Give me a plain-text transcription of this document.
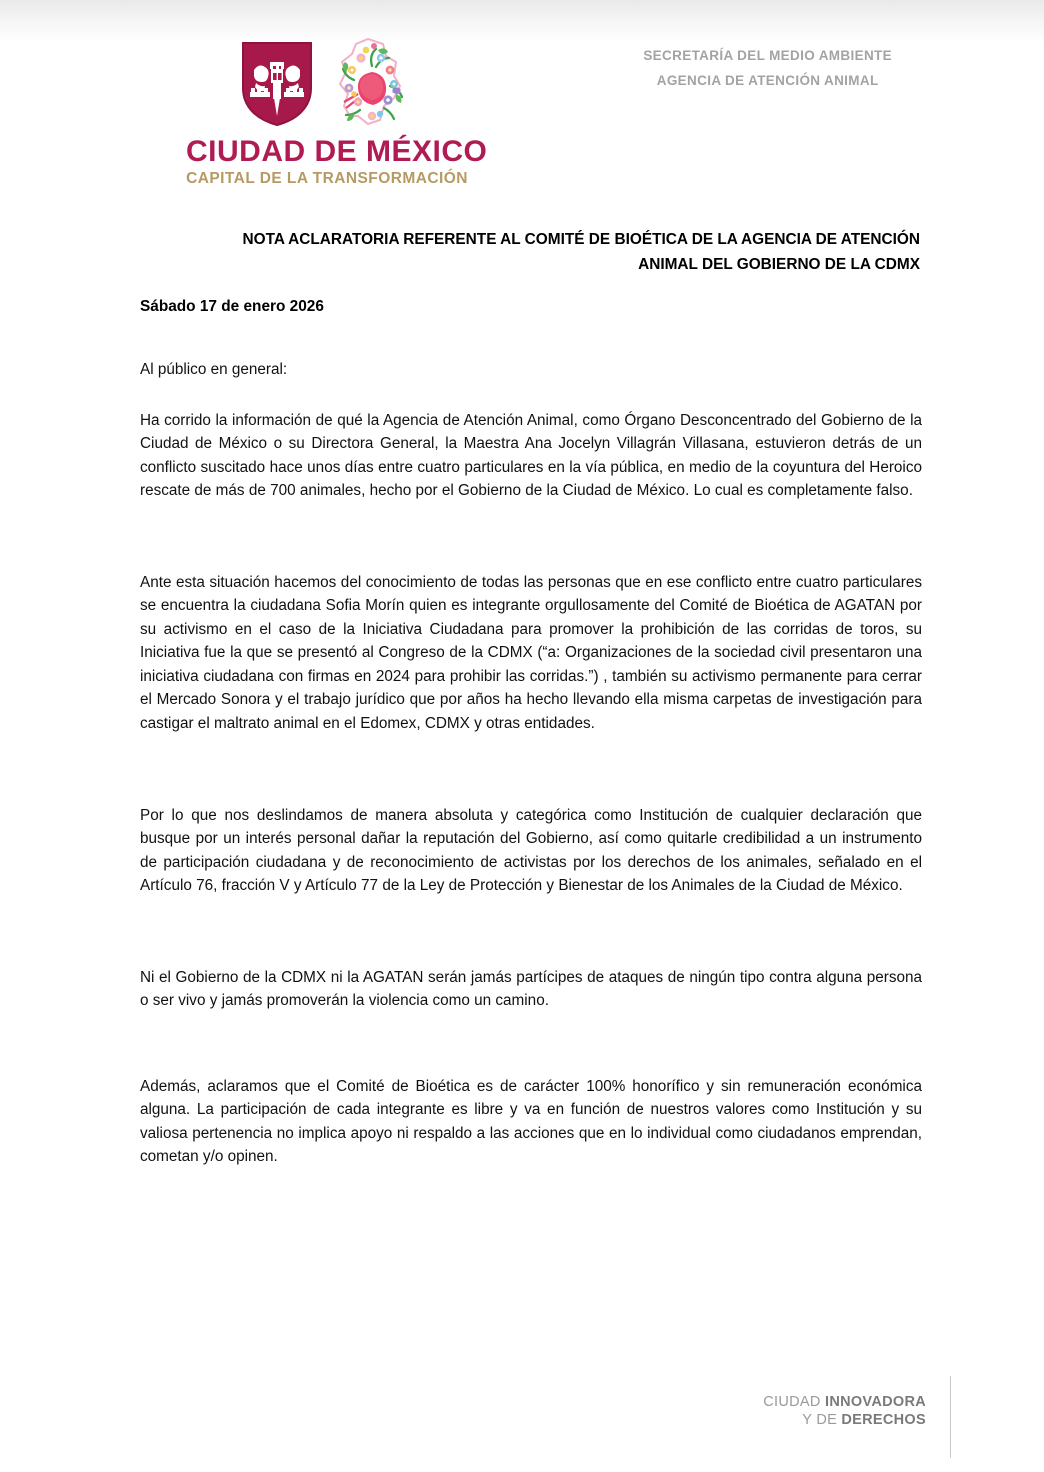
CIUDAD DE MÉXICO
CAPITAL DE LA TRANSFORMACIÓN
SECRETARÍA DEL MEDIO AMBIENTE
AGENCIA DE ATENCIÓN ANIMAL
NOTA ACLARATORIA REFERENTE AL COMITÉ DE BIOÉTICA DE LA AGENCIA DE ATENCIÓN
ANIMAL DEL GOBIERNO DE LA CDMX
Sábado 17 de enero 2026

Al público en general:

Ha corrido la información de qué la Agencia de Atención Animal, como Órgano Desconcentrado del Gobierno de la Ciudad de México o su Directora General, la Maestra Ana Jocelyn Villagrán Villasana, estuvieron detrás de un conflicto suscitado hace unos días entre cuatro particulares en la vía pública, en medio de la coyuntura del Heroico rescate de más de 700 animales, hecho por el Gobierno de la Ciudad de México. Lo cual es completamente falso.

Ante esta situación hacemos del conocimiento de todas las personas que en ese conflicto entre cuatro particulares se encuentra la ciudadana Sofia Morín quien es integrante orgullosamente del Comité de Bioética de AGATAN por su activismo en el caso de la Iniciativa Ciudadana para promover la prohibición de las corridas de toros, su Iniciativa fue la que se presentó al Congreso de la CDMX (“a: Organizaciones de la sociedad civil presentaron una iniciativa ciudadana con firmas en 2024 para prohibir las corridas.”) , también su activismo permanente para cerrar el Mercado Sonora y el trabajo jurídico que por años ha hecho llevando ella misma carpetas de investigación para castigar el maltrato animal en el Edomex, CDMX y otras entidades.

Por lo que nos deslindamos de manera absoluta y categórica como Institución de cualquier declaración que busque por un interés personal dañar la reputación del Gobierno, así como quitarle credibilidad a un instrumento de participación ciudadana y de reconocimiento de activistas por los derechos de los animales, señalado en el Artículo 76, fracción V y Artículo 77 de la Ley de Protección y Bienestar de los Animales de la Ciudad de México.

Ni el Gobierno de la CDMX ni la AGATAN serán jamás partícipes de ataques de ningún tipo contra alguna persona o ser vivo y jamás promoverán la violencia como un camino.

Además, aclaramos que el Comité de Bioética es de carácter 100% honorífico y sin remuneración económica alguna. La participación de cada integrante es libre y va en función de nuestros valores como Institución y su valiosa pertenencia no implica apoyo ni respaldo a las acciones que en lo individual como ciudadanos emprendan, cometan y/o opinen.

CIUDAD INNOVADORA
Y DE DERECHOS
